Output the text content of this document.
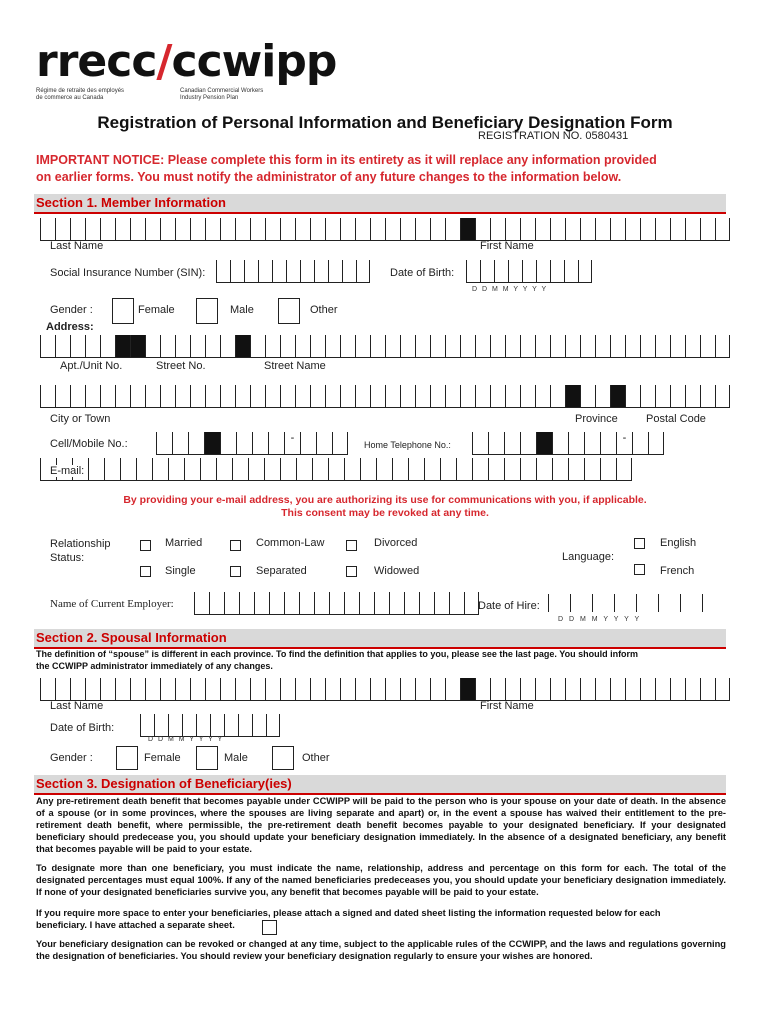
rrecc/ccwipp
Régime de retraite des employés
de commerce au Canada
Canadian Commercial Workers
Industry Pension Plan
Registration of Personal Information and Beneficiary Designation Form
REGISTRATION NO. 0580431
IMPORTANT NOTICE: Please complete this form in its entirety as it will replace any information provided
on earlier forms. You must notify the administrator of any future changes to the information below.
Section 1. Member Information
Last Name	First Name
Social Insurance Number (SIN):	Date of Birth:
D D M M Y Y Y Y
Gender :	Female	Male	Other
Address:
Apt./Unit No.	Street No.	Street Name
City or Town	Province	Postal Code
Cell/Mobile No.:	-
Home Telephone No.:
-
E-mail:
By providing your e-mail address, you are authorizing its use for communications with you, if applicable.
This consent may be revoked at any time.
Relationship
Status:
Married	Common-Law	Divorced
Single	Separated	Widowed
Language:
English
French
Name of Current Employer:	Date of Hire:
D D M M Y Y Y Y
Section 2. Spousal Information
The definition of “spouse” is different in each province. To find the definition that applies to you, please see the last page. You should inform
the CCWIPP administrator immediately of any changes.
Last Name	First Name
Date of Birth:
D D M M Y Y Y Y
Gender :	Female	Male	Other
Section 3. Designation of Beneficiary(ies)
Any pre-retirement death benefit that becomes payable under CCWIPP will be paid to the person who is your spouse on your date of death. In the absence of a spouse (or in some provinces, where the spouses are living separate and apart) or, in the event a spouse has waived their entitlement to the pre-retirement death benefit, where permissible, the pre-retirement death benefit becomes payable to your designated beneficiary. If your designated beneficiary should predecease you, you should update your beneficiary designation immediately. In the absence of a designated beneficiary, any benefit that becomes payable will be paid to your estate.
To designate more than one beneficiary, you must indicate the name, relationship, address and percentage on this form for each. The total of the designated percentages must equal 100%. If any of the named beneficiaries predeceases you, you should update your beneficiary designation immediately. If none of your designated beneficiaries survive you, any benefit that becomes payable will be paid to your estate.
If you require more space to enter your beneficiaries, please attach a signed and dated sheet listing the information requested below for each
beneficiary. I have attached a separate sheet.
Your beneficiary designation can be revoked or changed at any time, subject to the applicable rules of the CCWIPP, and the laws and regulations governing the designation of beneficiaries. You should review your beneficiary designation regularly to ensure your wishes are honored.
